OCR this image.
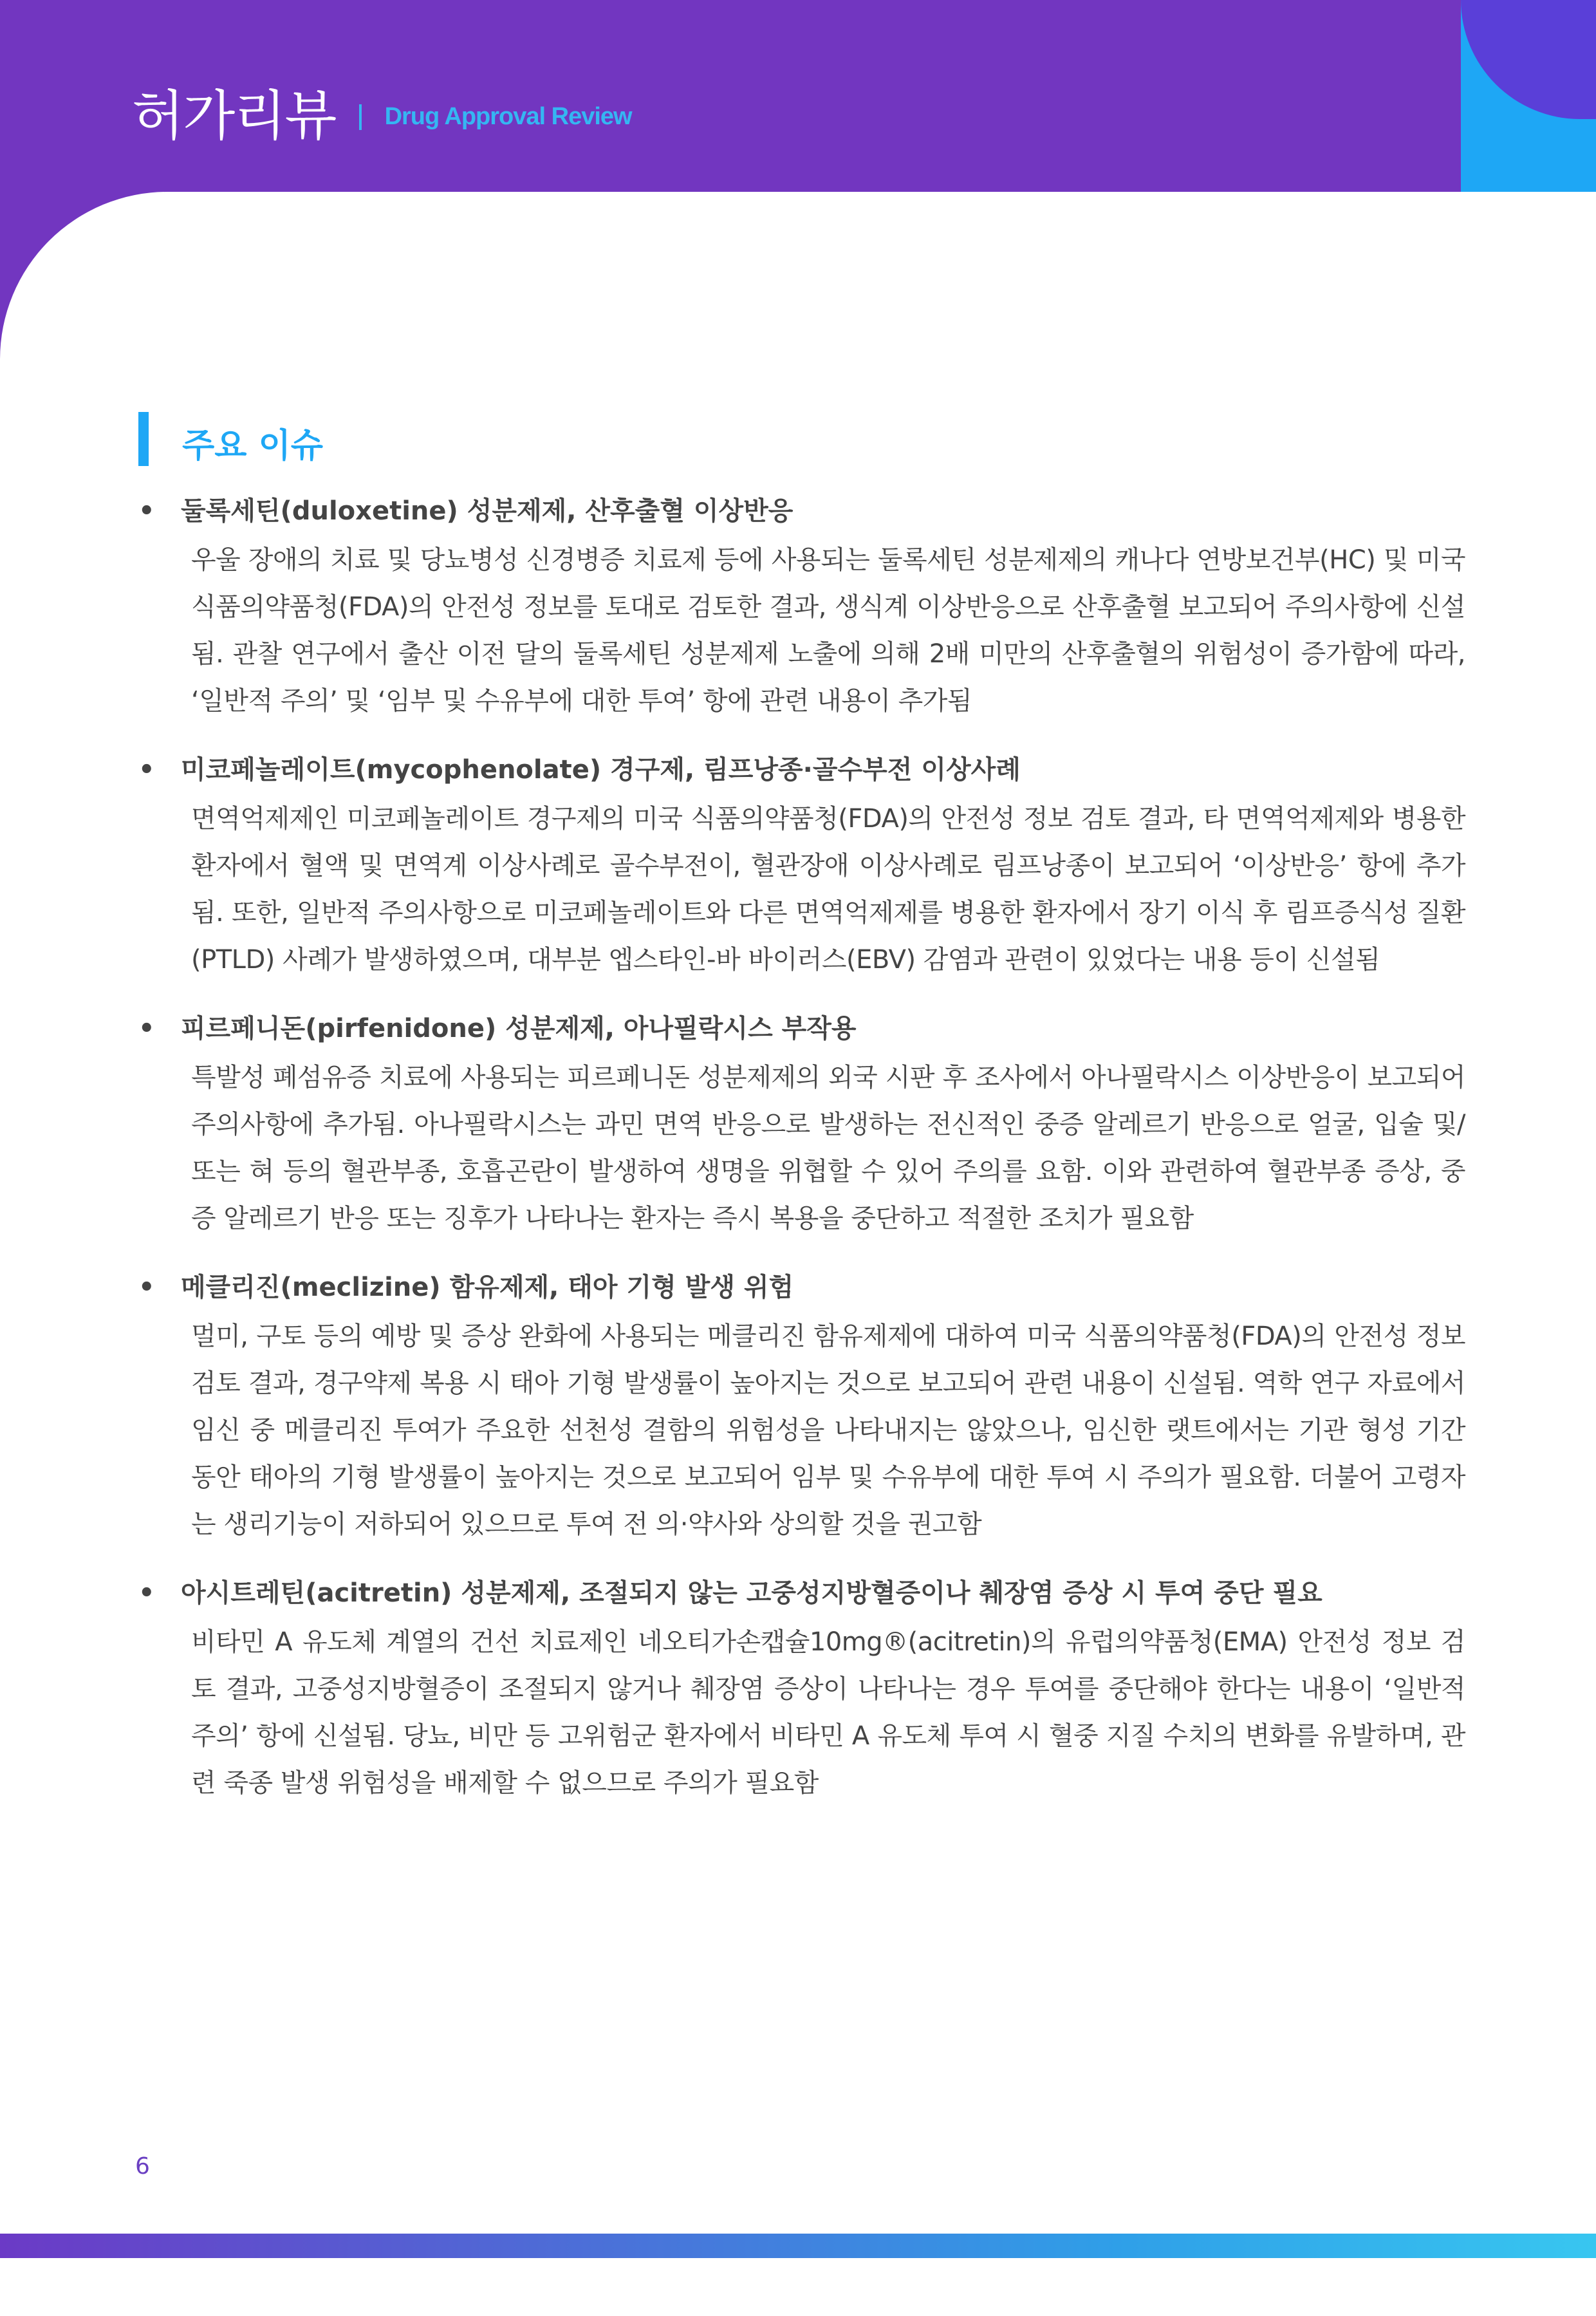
허가리뷰 Drug Approval Review
주요 이슈
• 둘록세틴(duloxetine) 성분제제, 산후출혈 이상반응
우울 장애의 치료 및 당뇨병성 신경병증 치료제 등에 사용되는 둘록세틴 성분제제의 캐나다 연방보건부(HC) 및 미국 식품의약품청(FDA)의 안전성 정보를 토대로 검토한 결과, 생식계 이상반응으로 산후출혈 보고되어 주의사항에 신설됨. 관찰 연구에서 출산 이전 달의 둘록세틴 성분제제 노출에 의해 2배 미만의 산후출혈의 위험성이 증가함에 따라, ‘일반적 주의’ 및 ‘임부 및 수유부에 대한 투여’ 항에 관련 내용이 추가됨
• 미코페놀레이트(mycophenolate) 경구제, 림프낭종·골수부전 이상사례
면역억제제인 미코페놀레이트 경구제의 미국 식품의약품청(FDA)의 안전성 정보 검토 결과, 타 면역억제제와 병용한 환자에서 혈액 및 면역계 이상사례로 골수부전이, 혈관장애 이상사례로 림프낭종이 보고되어 ‘이상반응’ 항에 추가됨. 또한, 일반적 주의사항으로 미코페놀레이트와 다른 면역억제제를 병용한 환자에서 장기 이식 후 림프증식성 질환(PTLD) 사례가 발생하였으며, 대부분 엡스타인-바 바이러스(EBV) 감염과 관련이 있었다는 내용 등이 신설됨
• 피르페니돈(pirfenidone) 성분제제, 아나필락시스 부작용
특발성 폐섬유증 치료에 사용되는 피르페니돈 성분제제의 외국 시판 후 조사에서 아나필락시스 이상반응이 보고되어 주의사항에 추가됨. 아나필락시스는 과민 면역 반응으로 발생하는 전신적인 중증 알레르기 반응으로 얼굴, 입술 및/또는 혀 등의 혈관부종, 호흡곤란이 발생하여 생명을 위협할 수 있어 주의를 요함. 이와 관련하여 혈관부종 증상, 중증 알레르기 반응 또는 징후가 나타나는 환자는 즉시 복용을 중단하고 적절한 조치가 필요함
• 메클리진(meclizine) 함유제제, 태아 기형 발생 위험
멀미, 구토 등의 예방 및 증상 완화에 사용되는 메클리진 함유제제에 대하여 미국 식품의약품청(FDA)의 안전성 정보 검토 결과, 경구약제 복용 시 태아 기형 발생률이 높아지는 것으로 보고되어 관련 내용이 신설됨. 역학 연구 자료에서 임신 중 메클리진 투여가 주요한 선천성 결함의 위험성을 나타내지는 않았으나, 임신한 랫트에서는 기관 형성 기간 동안 태아의 기형 발생률이 높아지는 것으로 보고되어 임부 및 수유부에 대한 투여 시 주의가 필요함. 더불어 고령자는 생리기능이 저하되어 있으므로 투여 전 의·약사와 상의할 것을 권고함
• 아시트레틴(acitretin) 성분제제, 조절되지 않는 고중성지방혈증이나 췌장염 증상 시 투여 중단 필요
비타민 A 유도체 계열의 건선 치료제인 네오티가손캡슐10mg®(acitretin)의 유럽의약품청(EMA) 안전성 정보 검토 결과, 고중성지방혈증이 조절되지 않거나 췌장염 증상이 나타나는 경우 투여를 중단해야 한다는 내용이 ‘일반적 주의’ 항에 신설됨. 당뇨, 비만 등 고위험군 환자에서 비타민 A 유도체 투여 시 혈중 지질 수치의 변화를 유발하며, 관련 죽종 발생 위험성을 배제할 수 없으므로 주의가 필요함
6
